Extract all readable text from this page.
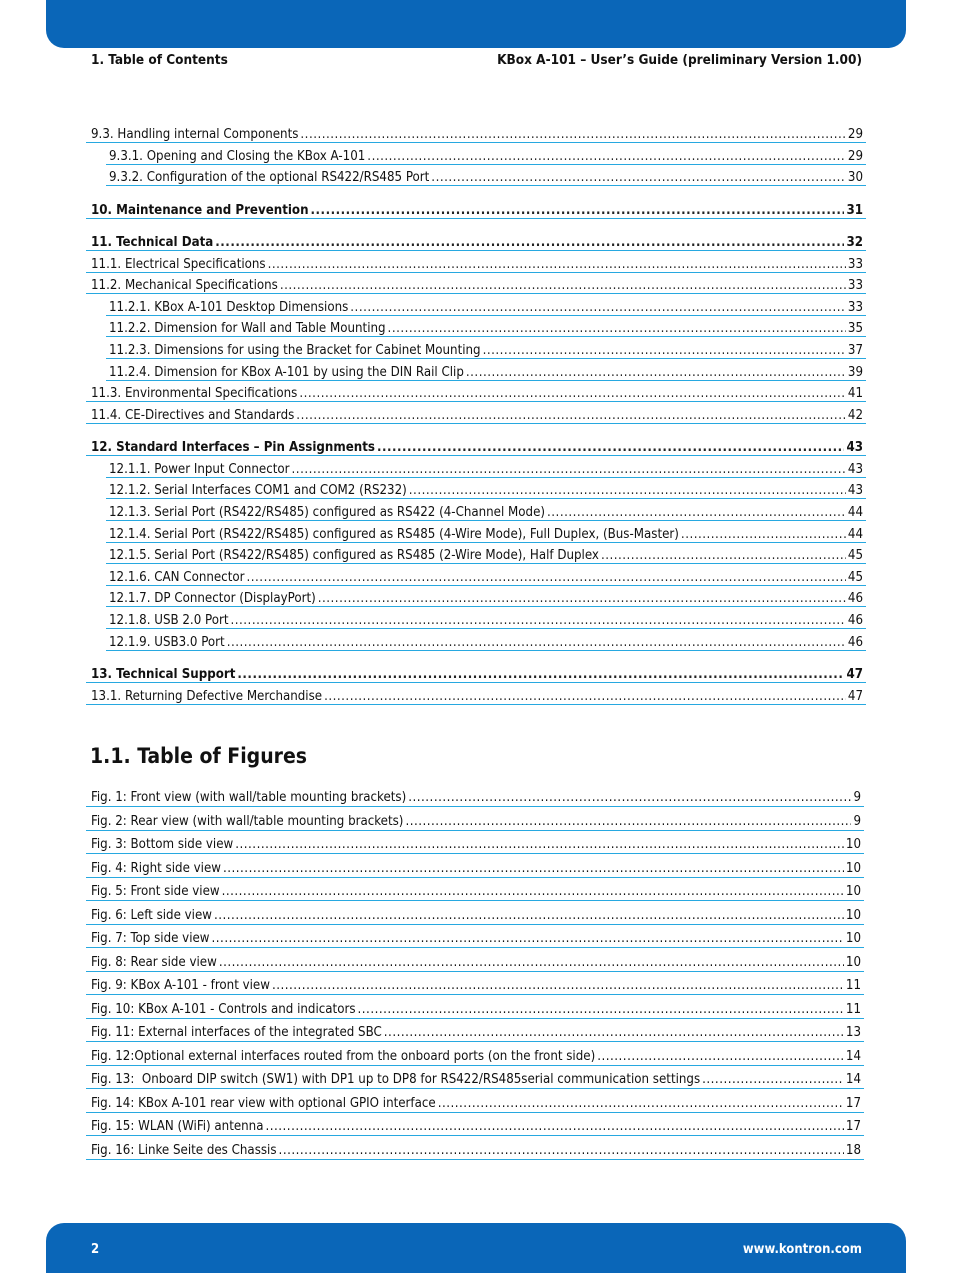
1. Table of Contents	KBox A-101 – User’s Guide (preliminary Version 1.00)
9.3. Handling internal Components .....	29
9.3.1. Opening and Closing the KBox A-101 .....	29
9.3.2. Configuration of the optional RS422/RS485 Port .....	30
10. Maintenance and Prevention .....	31
11. Technical Data .....	32
11.1. Electrical Specifications .....	33
11.2. Mechanical Specifications .....	33
11.2.1. KBox A-101 Desktop Dimensions .....	33
11.2.2. Dimension for Wall and Table Mounting .....	35
11.2.3. Dimensions for using the Bracket for Cabinet Mounting .....	37
11.2.4. Dimension for KBox A-101 by using the DIN Rail Clip .....	39
11.3. Environmental Specifications .....	41
11.4. CE-Directives and Standards .....	42
12. Standard Interfaces – Pin Assignments .....	43
12.1.1. Power Input Connector .....	43
12.1.2. Serial Interfaces COM1 and COM2 (RS232) .....	43
12.1.3. Serial Port (RS422/RS485) configured as RS422 (4-Channel Mode) .....	44
12.1.4. Serial Port (RS422/RS485) configured as RS485 (4-Wire Mode), Full Duplex, (Bus-Master) .....	44
12.1.5. Serial Port (RS422/RS485) configured as RS485 (2-Wire Mode), Half Duplex .....	45
12.1.6. CAN Connector .....	45
12.1.7. DP Connector (DisplayPort) .....	46
12.1.8. USB 2.0 Port .....	46
12.1.9. USB3.0 Port .....	46
13. Technical Support .....	47
13.1. Returning Defective Merchandise .....	47
1.1. Table of Figures
Fig. 1: Front view (with wall/table mounting brackets) .....	9
Fig. 2: Rear view (with wall/table mounting brackets) .....	9
Fig. 3: Bottom side view .....	10
Fig. 4: Right side view .....	10
Fig. 5: Front side view .....	10
Fig. 6: Left side view .....	10
Fig. 7: Top side view .....	10
Fig. 8: Rear side view .....	10
Fig. 9: KBox A-101 - front view .....	11
Fig. 10: KBox A-101 - Controls and indicators .....	11
Fig. 11: External interfaces of the integrated SBC .....	13
Fig. 12:Optional external interfaces routed from the onboard ports (on the front side) .....	14
Fig. 13:  Onboard DIP switch (SW1) with DP1 up to DP8 for RS422/RS485serial communication settings .....	14
Fig. 14: KBox A-101 rear view with optional GPIO interface .....	17
Fig. 15: WLAN (WiFi) antenna .....	17
Fig. 16: Linke Seite des Chassis .....	18
2	www.kontron.com
